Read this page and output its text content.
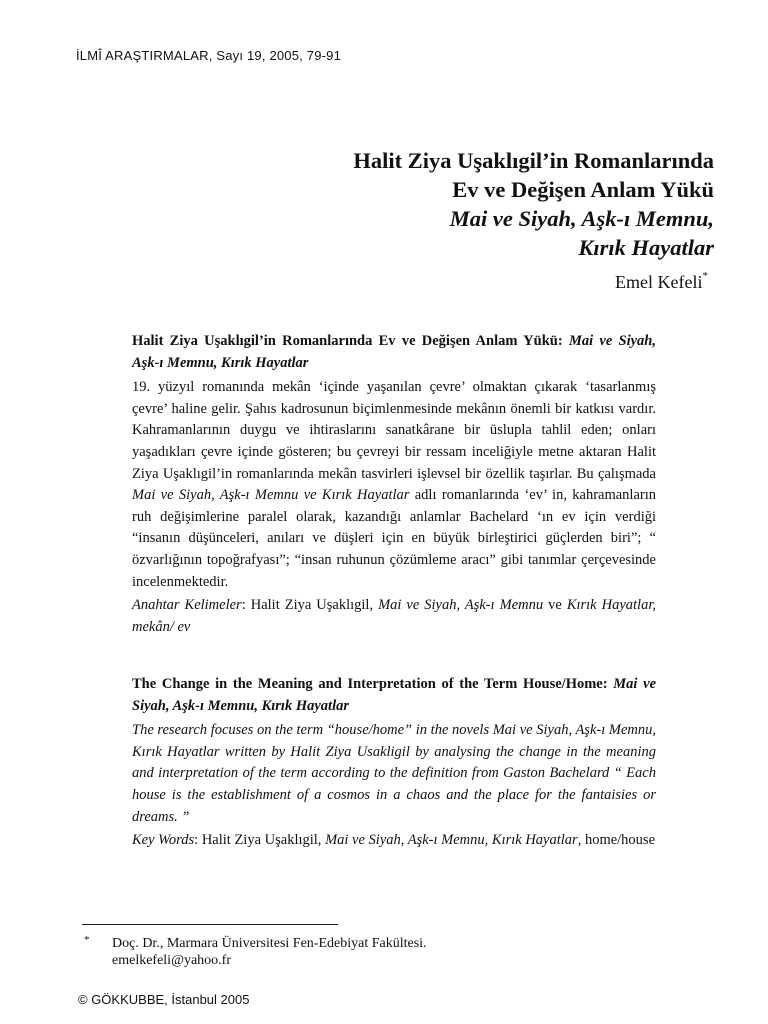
İLMÎ ARAŞTIRMALAR, Sayı 19, 2005, 79-91
Halit Ziya Uşaklıgil’in Romanlarında
Ev ve Değişen Anlam Yükü
Mai ve Siyah, Aşk-ı Memnu,
Kırık Hayatlar
Emel Kefeli*
Halit Ziya Uşaklıgil’in Romanlarında Ev ve Değişen Anlam Yükü: Mai ve Siyah, Aşk-ı Memnu, Kırık Hayatlar

19. yüzyıl romanında mekân ‘içinde yaşanılan çevre’ olmaktan çıkarak ‘tasarlanmış çevre’ haline gelir. Şahıs kadrosunun biçimlenmesinde mekânın önemli bir katkısı vardır. Kahramanlarının duygu ve ihtiraslarını sanatkârane bir üslupla tahlil eden; onları yaşadıkları çevre içinde gösteren; bu çevreyi bir ressam inceliğiyle metne aktaran Halit Ziya Uşaklıgil’in romanlarında mekân tasvirleri işlevsel bir özellik taşırlar. Bu çalışmada Mai ve Siyah, Aşk-ı Memnu ve Kırık Hayatlar adlı romanlarında ‘ev’ in, kahramanların ruh değişimlerine paralel olarak, kazandığı anlamlar Bachelard ‘ın ev için verdiği “insanın düşünceleri, anıları ve düşleri için en büyük birleştirici güçlerden biri”; “ özvarlığının topoğrafyası”; “insan ruhunun çözümleme aracı” gibi tanımlar çerçevesinde incelenmektedir.

Anahtar Kelimeler: Halit Ziya Uşaklıgil, Mai ve Siyah, Aşk-ı Memnu ve Kırık Hayatlar, mekân/ ev
The Change in the Meaning and Interpretation of the Term House/Home: Mai ve Siyah, Aşk-ı Memnu, Kırık Hayatlar

The research focuses on the term “house/home” in the novels Mai ve Siyah, Aşk-ı Memnu, Kırık Hayatlar written by Halit Ziya Usakligil by analysing the change in the meaning and interpretation of the term according to the definition from Gaston Bachelard “ Each house is the establishment of a cosmos in a chaos and the place for the fantaisies or dreams. ”

Key Words: Halit Ziya Uşaklıgil, Mai ve Siyah, Aşk-ı Memnu, Kırık Hayatlar, home/house
* Doç. Dr., Marmara Üniversitesi Fen-Edebiyat Fakültesi.
emelkefeli@yahoo.fr
© GÖKKUBBE, İstanbul 2005
